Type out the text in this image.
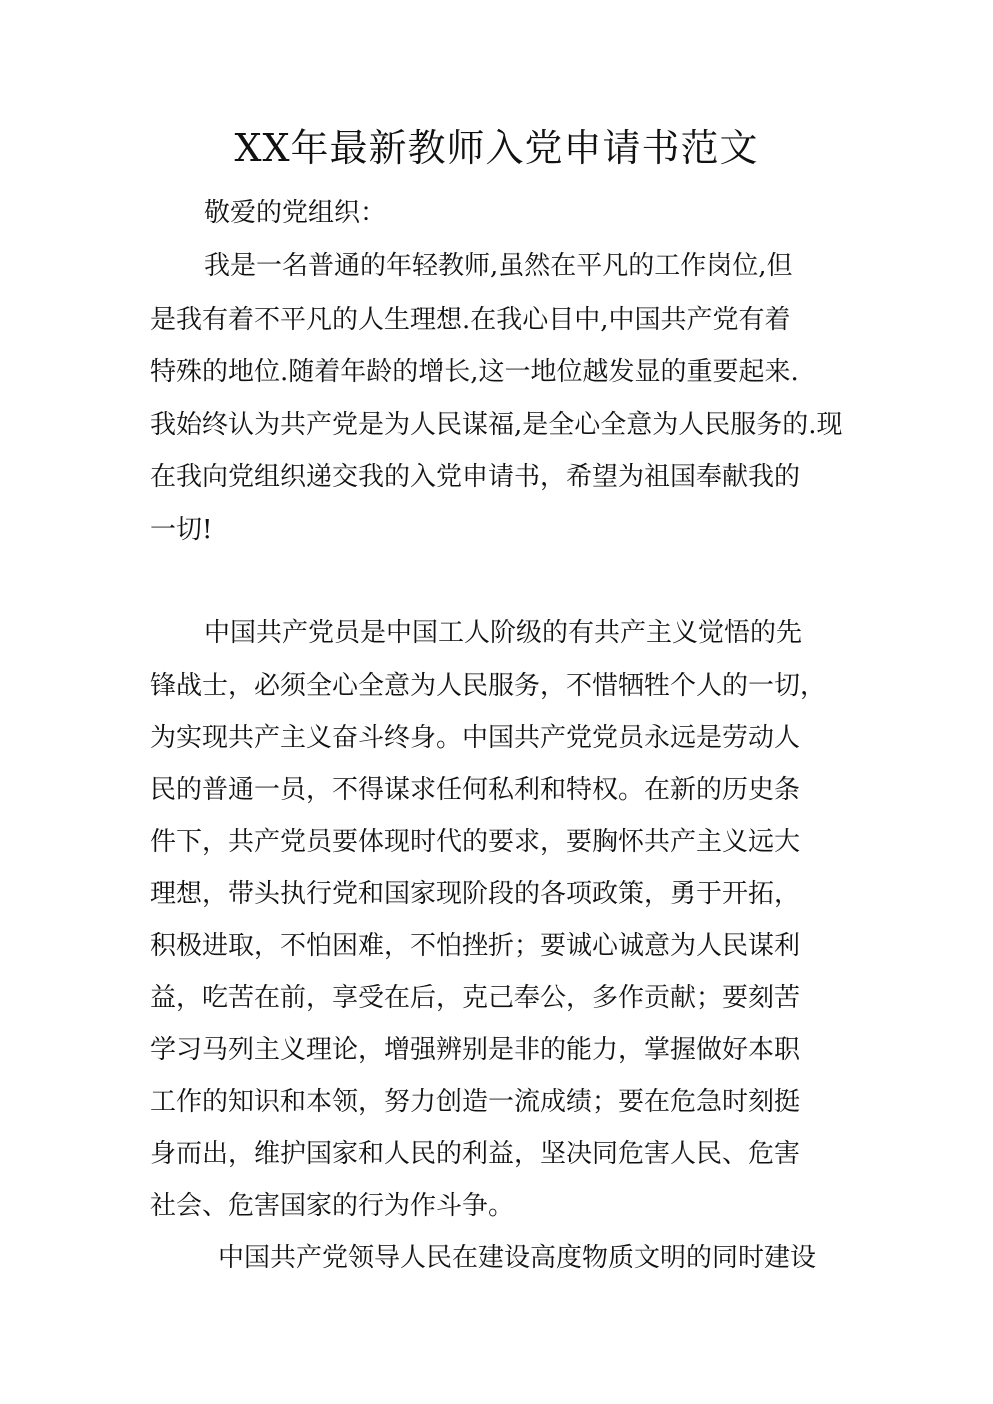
XX年最新教师入党申请书范文
敬爱的党组织：
我是一名普通的年轻教师,虽然在平凡的工作岗位,但
是我有着不平凡的人生理想.在我心目中,中国共产党有着
特殊的地位.随着年龄的增长,这一地位越发显的重要起来.
我始终认为共产党是为人民谋福,是全心全意为人民服务的.现
在我向党组织递交我的入党申请书，希望为祖国奉献我的
一切!
中国共产党员是中国工人阶级的有共产主义觉悟的先
锋战士，必须全心全意为人民服务，不惜牺牲个人的一切，
为实现共产主义奋斗终身。中国共产党党员永远是劳动人
民的普通一员，不得谋求任何私利和特权。在新的历史条
件下，共产党员要体现时代的要求，要胸怀共产主义远大
理想，带头执行党和国家现阶段的各项政策，勇于开拓，
积极进取，不怕困难，不怕挫折；要诚心诚意为人民谋利
益，吃苦在前，享受在后，克己奉公，多作贡献；要刻苦
学习马列主义理论，增强辨别是非的能力，掌握做好本职
工作的知识和本领，努力创造一流成绩；要在危急时刻挺
身而出，维护国家和人民的利益，坚决同危害人民、危害
社会、危害国家的行为作斗争。
中国共产党领导人民在建设高度物质文明的同时建设
